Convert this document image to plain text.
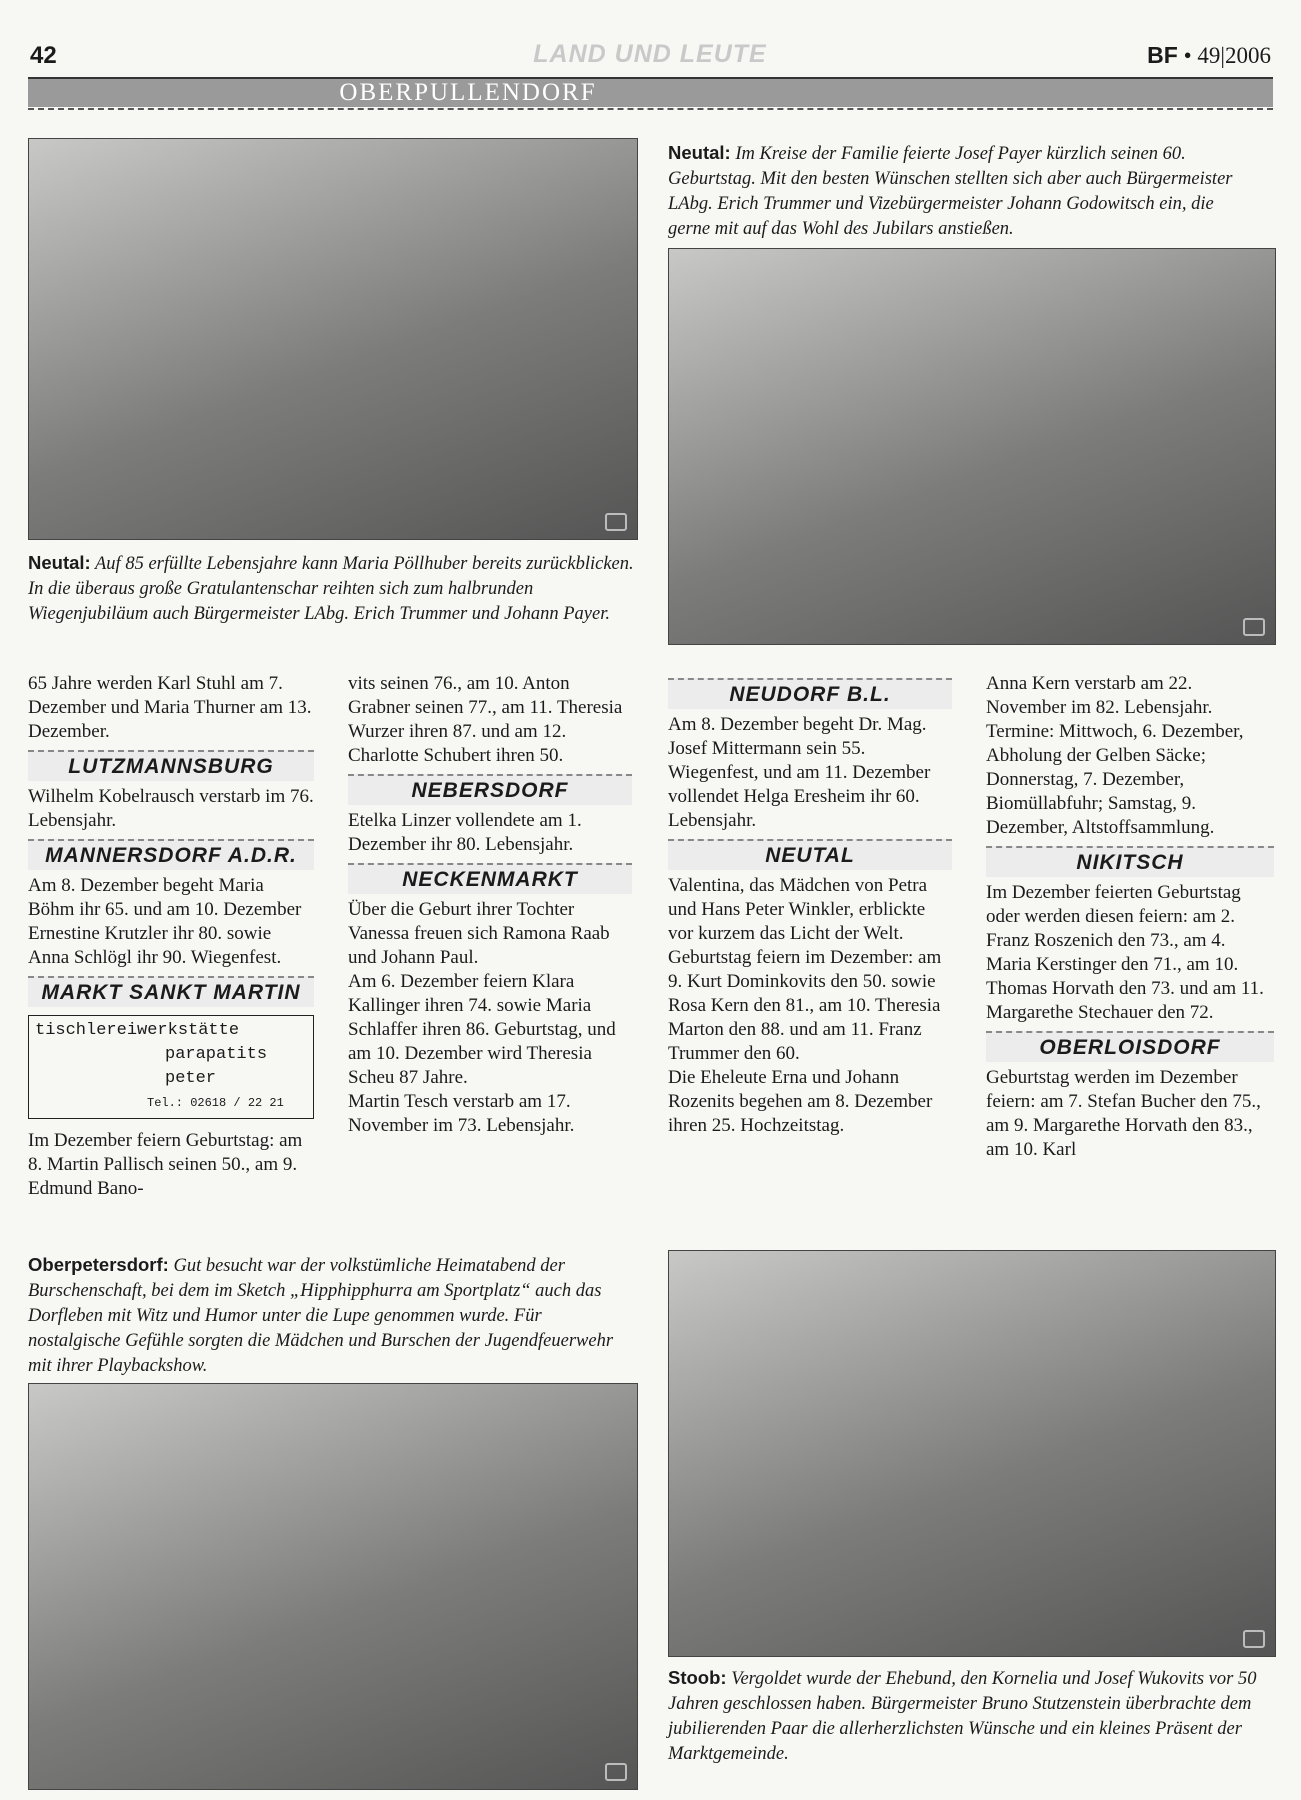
42	LAND UND LEUTE	BF • 49|2006
OBERPULLENDORF
Neutal: Auf 85 erfüllte Lebensjahre kann Maria Pöllhuber bereits zurückblicken. In die überaus große Gratulantenschar reihten sich zum halbrunden Wiegenjubiläum auch Bürgermeister LAbg. Erich Trummer und Johann Payer.
Neutal: Im Kreise der Familie feierte Josef Payer kürzlich seinen 60. Geburtstag. Mit den besten Wünschen stellten sich aber auch Bürgermeister LAbg. Erich Trummer und Vizebürgermeister Johann Godowitsch ein, die gerne mit auf das Wohl des Jubilars anstießen.

65 Jahre werden Karl Stuhl am 7. Dezember und Maria Thurner am 13. Dezember.

LUTZMANNSBURG

Wilhelm Kobelrausch verstarb im 76. Lebensjahr.

MANNERSDORF A.D.R.

Am 8. Dezember begeht Maria Böhm ihr 65. und am 10. Dezember Ernestine Krutzler ihr 80. sowie Anna Schlögl ihr 90. Wiegenfest.

MARKT SANKT MARTIN
tischlereiwerkstätte
parapatits peter
Tel.: 02618 / 22 21

Im Dezember feiern Geburtstag: am 8. Martin Pallisch seinen 50., am 9. Edmund Bano-

vits seinen 76., am 10. Anton Grabner seinen 77., am 11. Theresia Wurzer ihren 87. und am 12. Charlotte Schubert ihren 50.

NEBERSDORF

Etelka Linzer vollendete am 1. Dezember ihr 80. Lebensjahr.

NECKENMARKT

Über die Geburt ihrer Tochter Vanessa freuen sich Ramona Raab und Johann Paul.

Am 6. Dezember feiern Klara Kallinger ihren 74. sowie Maria Schlaffer ihren 86. Geburtstag, und am 10. Dezember wird Theresia Scheu 87 Jahre.

Martin Tesch verstarb am 17. November im 73. Lebensjahr.

NEUDORF B.L.

Am 8. Dezember begeht Dr. Mag. Josef Mittermann sein 55. Wiegenfest, und am 11. Dezember vollendet Helga Eresheim ihr 60. Lebensjahr.

NEUTAL

Valentina, das Mädchen von Petra und Hans Peter Winkler, erblickte vor kurzem das Licht der Welt.

Geburtstag feiern im Dezember: am 9. Kurt Dominkovits den 50. sowie Rosa Kern den 81., am 10. Theresia Marton den 88. und am 11. Franz Trummer den 60.

Die Eheleute Erna und Johann Rozenits begehen am 8. Dezember ihren 25. Hochzeitstag.

Anna Kern verstarb am 22. November im 82. Lebensjahr.

Termine: Mittwoch, 6. Dezember, Abholung der Gelben Säcke; Donnerstag, 7. Dezember, Biomüllabfuhr; Samstag, 9. Dezember, Altstoffsammlung.

NIKITSCH

Im Dezember feierten Geburtstag oder werden diesen feiern: am 2. Franz Roszenich den 73., am 4. Maria Kerstinger den 71., am 10. Thomas Horvath den 73. und am 11. Margarethe Stechauer den 72.

OBERLOISDORF

Geburtstag werden im Dezember feiern: am 7. Stefan Bucher den 75., am 9. Margarethe Horvath den 83., am 10. Karl

Oberpetersdorf: Gut besucht war der volkstümliche Heimatabend der Burschenschaft, bei dem im Sketch „Hipphipphurra am Sportplatz“ auch das Dorfleben mit Witz und Humor unter die Lupe genommen wurde. Für nostalgische Gefühle sorgten die Mädchen und Burschen der Jugendfeuerwehr mit ihrer Playbackshow.
Stoob: Vergoldet wurde der Ehebund, den Kornelia und Josef Wukovits vor 50 Jahren geschlossen haben. Bürgermeister Bruno Stutzenstein überbrachte dem jubilierenden Paar die allerherzlichsten Wünsche und ein kleines Präsent der Marktgemeinde.
